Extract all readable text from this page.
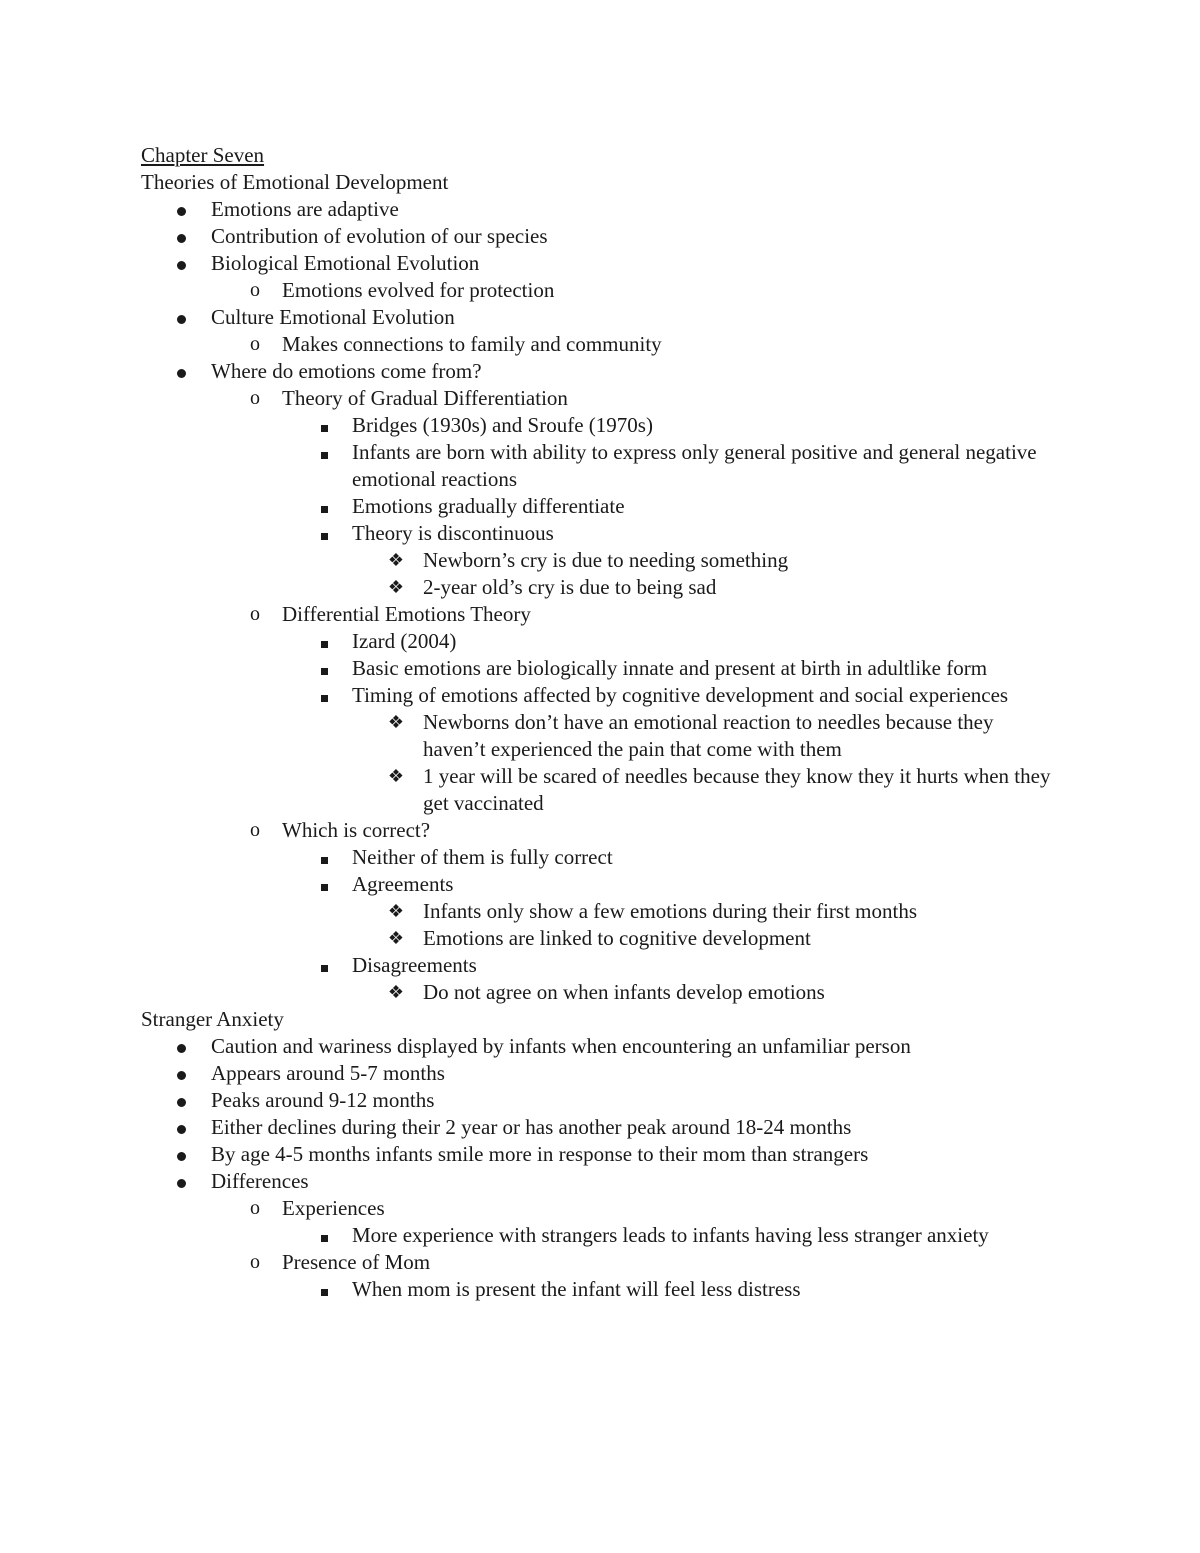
Chapter Seven
Theories of Emotional Development
Emotions are adaptive
Contribution of evolution of our species
Biological Emotional Evolution
o Emotions evolved for protection
Culture Emotional Evolution
o Makes connections to family and community
Where do emotions come from?
o Theory of Gradual Differentiation
Bridges (1930s) and Sroufe (1970s)
Infants are born with ability to express only general positive and general negative emotional reactions
Emotions gradually differentiate
Theory is discontinuous
❖ Newborn’s cry is due to needing something
❖ 2-year old’s cry is due to being sad
o Differential Emotions Theory
Izard (2004)
Basic emotions are biologically innate and present at birth in adultlike form
Timing of emotions affected by cognitive development and social experiences
❖ Newborns don’t have an emotional reaction to needles because they haven’t experienced the pain that come with them
❖ 1 year will be scared of needles because they know they it hurts when they get vaccinated
o Which is correct?
Neither of them is fully correct
Agreements
❖ Infants only show a few emotions during their first months
❖ Emotions are linked to cognitive development
Disagreements
❖ Do not agree on when infants develop emotions
Stranger Anxiety
Caution and wariness displayed by infants when encountering an unfamiliar person
Appears around 5-7 months
Peaks around 9-12 months
Either declines during their 2 year or has another peak around 18-24 months
By age 4-5 months infants smile more in response to their mom than strangers
Differences
o Experiences
More experience with strangers leads to infants having less stranger anxiety
o Presence of Mom
When mom is present the infant will feel less distress
